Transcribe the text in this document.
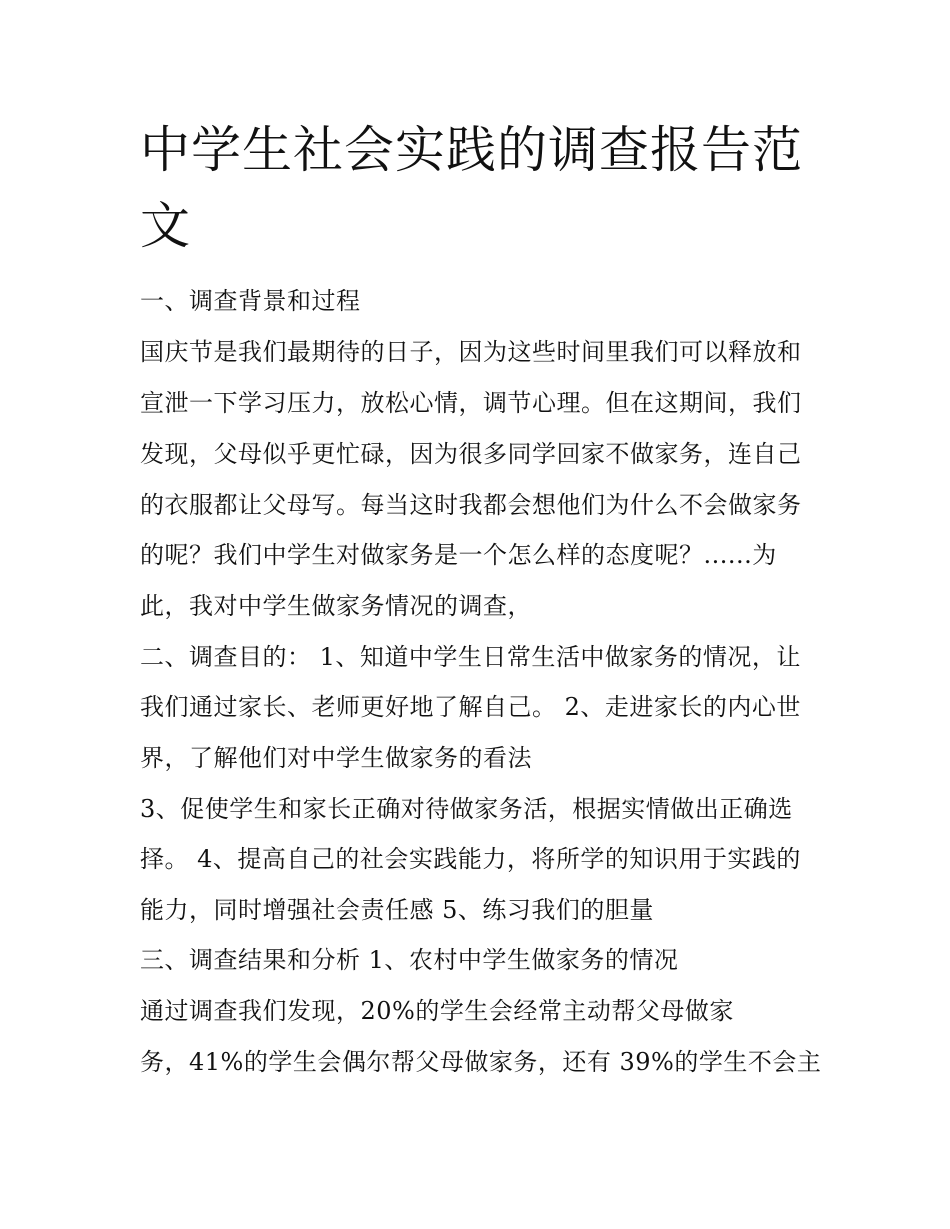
中学生社会实践的调查报告范文

一、调查背景和过程

国庆节是我们最期待的日子，因为这些时间里我们可以释放和

宣泄一下学习压力，放松心情，调节心理。但在这期间，我们

发现，父母似乎更忙碌，因为很多同学回家不做家务，连自己

的衣服都让父母写。每当这时我都会想他们为什么不会做家务

的呢？我们中学生对做家务是一个怎么样的态度呢？......为

此，我对中学生做家务情况的调查，

二、调查目的： 1、知道中学生日常生活中做家务的情况，让

我们通过家长、老师更好地了解自己。 2、走进家长的内心世

界，了解他们对中学生做家务的看法

3、促使学生和家长正确对待做家务活，根据实情做出正确选

择。 4、提高自己的社会实践能力，将所学的知识用于实践的

能力，同时增强社会责任感 5、练习我们的胆量

三、调查结果和分析 1、农村中学生做家务的情况

通过调查我们发现，20%的学生会经常主动帮父母做家

务，41%的学生会偶尔帮父母做家务，还有 39%的学生不会主
